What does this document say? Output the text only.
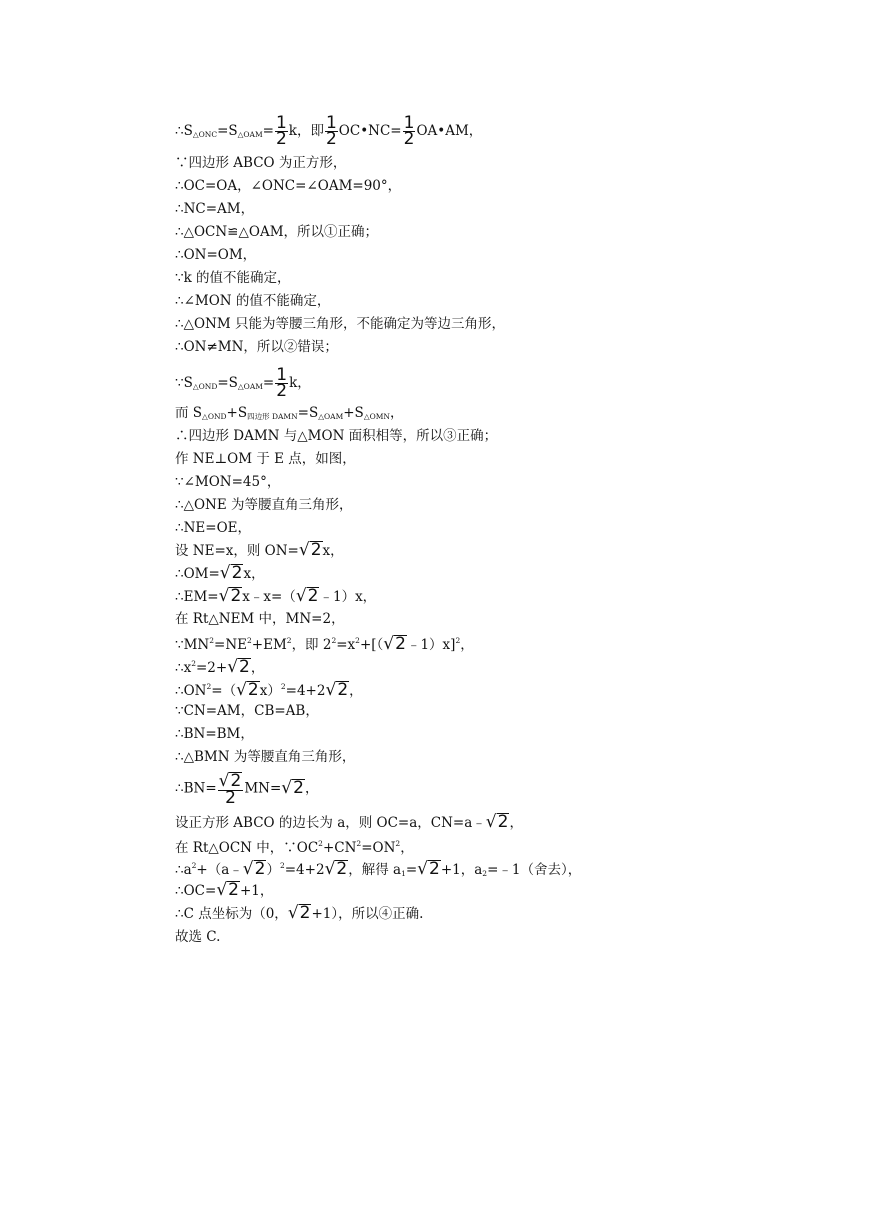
$\therefore S_{\triangle ONC}=S_{\triangle OAM}= \frac{1}{2}$ k，即 $\frac{1}{2}$ OC•NC= $\frac{1}{2}$ OA•AM，
∵四边形 ABCO 为正方形，
∴OC=OA，∠ONC=∠OAM=90°，
∴NC=AM，
∴△OCN≌△OAM，所以①正确；
∴ON=OM，
∵k 的值不能确定，
∴∠MON 的值不能确定，
∴△ONM 只能为等腰三角形，不能确定为等边三角形，
∴ON≠MN，所以②错误；
$\because S_{\triangle OND}=S_{\triangle OAM}= \frac{1}{2}$ k，
而 $S_{\triangle OND}+S_{四边形 DAMN}=S_{\triangle OAM}+S_{\triangle OMN}$，
∴四边形 DAMN 与△MON 面积相等，所以③正确；
作 NE⊥OM 于 E 点，如图，
∵∠MON=45°，
∴△ONE 为等腰直角三角形，
∴NE=OE，
设 NE=x，则 ON=√2x，
∴OM=√2x，
∴EM=√2x﹣x=（√2﹣1）x，
在 Rt△NEM 中，MN=2，
$\because MN^2=NE^2+EM^2$，即 $2^2=x^2+[(√2﹣1)x]^2$，
$\therefore x^2=2+√2$，
$\therefore ON^2=(√2x)^2=4+2√2$，
∵CN=AM，CB=AB，
∴BN=BM，
∴△BMN 为等腰直角三角形，
∴BN= $\frac{√2}{2} MN=√2$，
设正方形 ABCO 的边长为 a，则 OC=a，CN=a﹣√2，
在 Rt△OCN 中，$\because OC^2+CN^2=ON^2$，
$\therefore a^2+(a﹣√2)^2=4+2√2$，解得 $a_1=√2+1$，$a_2=﹣1$（舍去），
∴OC=√2+1，
∴C 点坐标为（0，√2+1），所以④正确.
故选 C.
